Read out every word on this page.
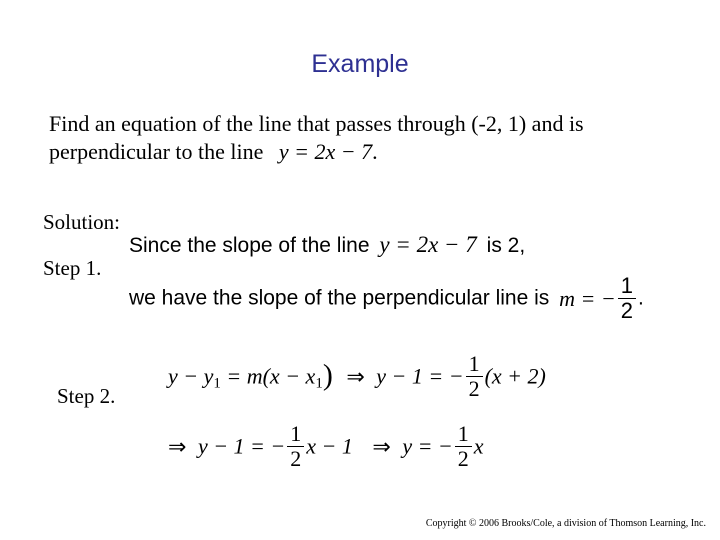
Example
Find an equation of the line that passes through (-2, 1) and is
perpendicular to the line y = 2x − 7.
Solution:
Step 1.
Since the slope of the line y = 2x − 7 is 2,
we have the slope of the perpendicular line is m = − $\frac{1}{2}$ .
Step 2.
$y - y_1 = m(x - x_1)$ ⇒ y − 1 = − $\frac{1}{2} (x + 2)$
⇒ y − 1 = − $\frac{1}{2}$ x − 1 ⇒ y = − $\frac{1}{2}$ x
Copyright © 2006 Brooks/Cole, a division of Thomson Learning, Inc.
